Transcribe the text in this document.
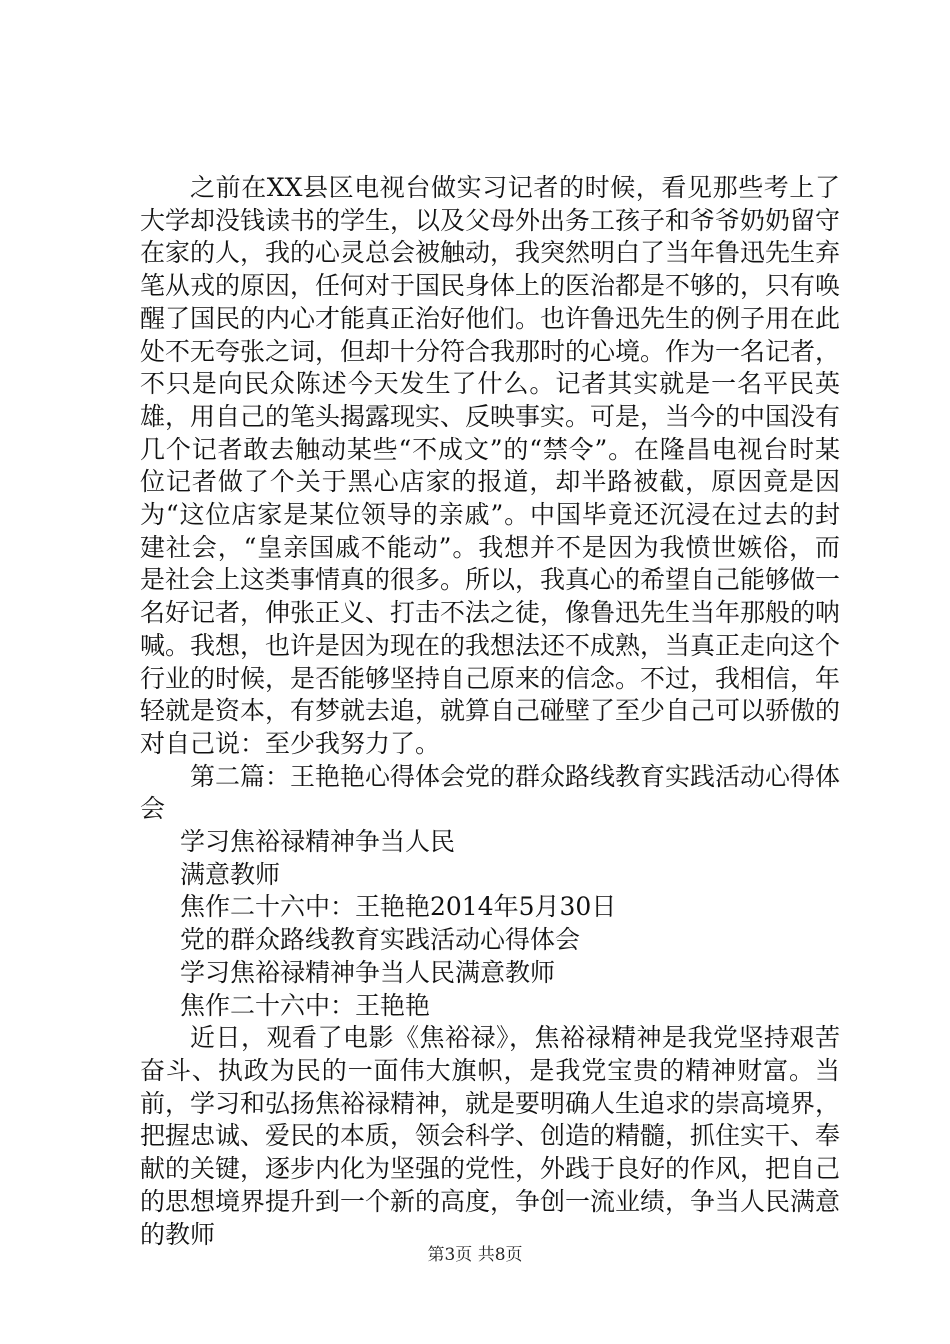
之前在XX县区电视台做实习记者的时候，看见那些考上了大学却没钱读书的学生，以及父母外出务工孩子和爷爷奶奶留守在家的人，我的心灵总会被触动，我突然明白了当年鲁迅先生弃笔从戎的原因，任何对于国民身体上的医治都是不够的，只有唤醒了国民的内心才能真正治好他们。也许鲁迅先生的例子用在此处不无夸张之词，但却十分符合我那时的心境。作为一名记者，不只是向民众陈述今天发生了什么。记者其实就是一名平民英雄，用自己的笔头揭露现实、反映事实。可是，当今的中国没有几个记者敢去触动某些“不成文”的“禁令”。在隆昌电视台时某位记者做了个关于黑心店家的报道，却半路被截，原因竟是因为“这位店家是某位领导的亲戚”。中国毕竟还沉浸在过去的封建社会，“皇亲国戚不能动”。我想并不是因为我愤世嫉俗，而是社会上这类事情真的很多。所以，我真心的希望自己能够做一名好记者，伸张正义、打击不法之徒，像鲁迅先生当年那般的呐喊。我想，也许是因为现在的我想法还不成熟，当真正走向这个行业的时候，是否能够坚持自己原来的信念。不过，我相信，年轻就是资本，有梦就去追，就算自己碰壁了至少自己可以骄傲的对自己说：至少我努力了。

第二篇：王艳艳心得体会党的群众路线教育实践活动心得体会

学习焦裕禄精神争当人民

满意教师

焦作二十六中：王艳艳2014年5月30日

党的群众路线教育实践活动心得体会

学习焦裕禄精神争当人民满意教师

焦作二十六中：王艳艳

近日，观看了电影《焦裕禄》，焦裕禄精神是我党坚持艰苦奋斗、执政为民的一面伟大旗帜，是我党宝贵的精神财富。当前，学习和弘扬焦裕禄精神，就是要明确人生追求的崇高境界，把握忠诚、爱民的本质，领会科学、创造的精髓，抓住实干、奉献的关键，逐步内化为坚强的党性，外践于良好的作风，把自己的思想境界提升到一个新的高度，争创一流业绩，争当人民满意的教师

第3页 共8页
